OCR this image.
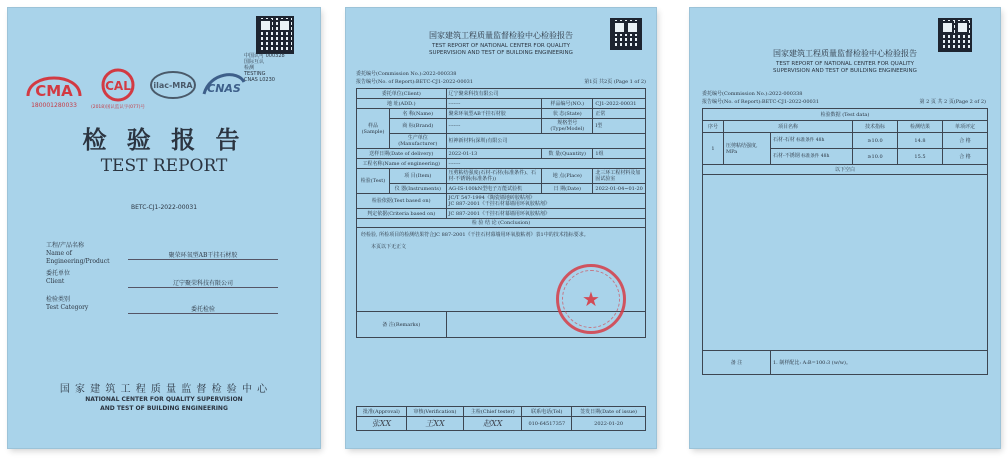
中国认可 000328
国际互认
检测
TESTING
CNAS L0230
CMA
180001280033
CAL
(2018)国认监认字(077)号
ilac-MRA CNAS
检 验 报 告
TEST REPORT
BETC-CJ1-2022-00031
工程/产品名称
Name of Engineering/Product
聚荣环氧型AB干挂石材胶
委托单位
Client	辽宁聚荣科技有限公司
检验类别
Test Category	委托检验
国 家 建 筑 工 程 质 量 监 督 检 验 中 心
NATIONAL CENTER FOR QUALITY SUPERVISION
AND TEST OF BUILDING ENGINEERING
国家建筑工程质量监督检验中心检验报告
TEST REPORT OF NATIONAL CENTER FOR QUALITY
SUPERVISION AND TEST OF BUILDING ENGINEERING
委托编号(Commission No.):2022-000338
报告编号(No. of Report):BETC-CJ1-2022-00031	第1页 共2页 (Page 1 of 2)
委托单位(Client)		辽宁聚荣科技有限公司		
地 址(ADD.)		-------	样品编号(NO.)	CJ1-2022-00031
样品(Sample)	名 称(Name)	聚荣环氧型AB干挂石材胶	状 态(State)	正常
	商 标(Brand)	-------	规格型号(Type/Model)	I型
	生产单位(Manufacturer)	桓神新材料(深圳)有限公司		
送样日期(Date of delivery)		2022-01-13	数 量(Quantity)	1组
工程名称(Name of engineering)		-------		
检验(Test)	项 目(Item)	压剪粘结强度(石材-石材(标准条件)、石材-不锈钢(标准条件))	地 点(Place)	北三环工程材料及加固试验室
	仪 器(Instruments)	AG-IS-100kN型电子万能试验机	日 期(Date)	2022-01-04~01-20
检验依据(Test based on)		JC/T 547-1994《陶瓷墙地砖胶粘剂》
JC 887-2001《干挂石材幕墙用环氧胶粘剂》		
判定依据(Criteria based on)		JC 887-2001《干挂石材幕墙用环氧胶粘剂》		
检 验 结 论 (Conclusion)				

经检验, 所检项目的检测结果符合JC 887-2001《干挂石材幕墙用环氧胶粘剂》表1中的技术指标要求。
本页以下无正文				

备 注(Remarks)				
★
批准(Approval)	审核(Verification)	主检(Chief tester)	联系电话(Tel)	签发日期(Date of issue)
张XX	王XX	赵XX	010-64517357	2022-01-20
国家建筑工程质量监督检验中心检验报告
TEST REPORT OF NATIONAL CENTER FOR QUALITY
SUPERVISION AND TEST OF BUILDING ENGINEERING
委托编号(Commission No.):2022-000338
报告编号(No. of Report):BETC-CJ1-2022-00031	第 2 页 共 2 页(Page 2 of 2)
检验数据 (Test data)					
序号	项目名称		技术指标	检测结果	单项评定
1	压剪粘结强度, MPa	石材-石材 标准条件 48h	≥10.0	14.8	合 格
		石材-不锈钢 标准条件 48h	≥10.0	15.5	合 格
以下空白					

备 注		1. 制样配比: A:B=100:3 (w/w)。			
